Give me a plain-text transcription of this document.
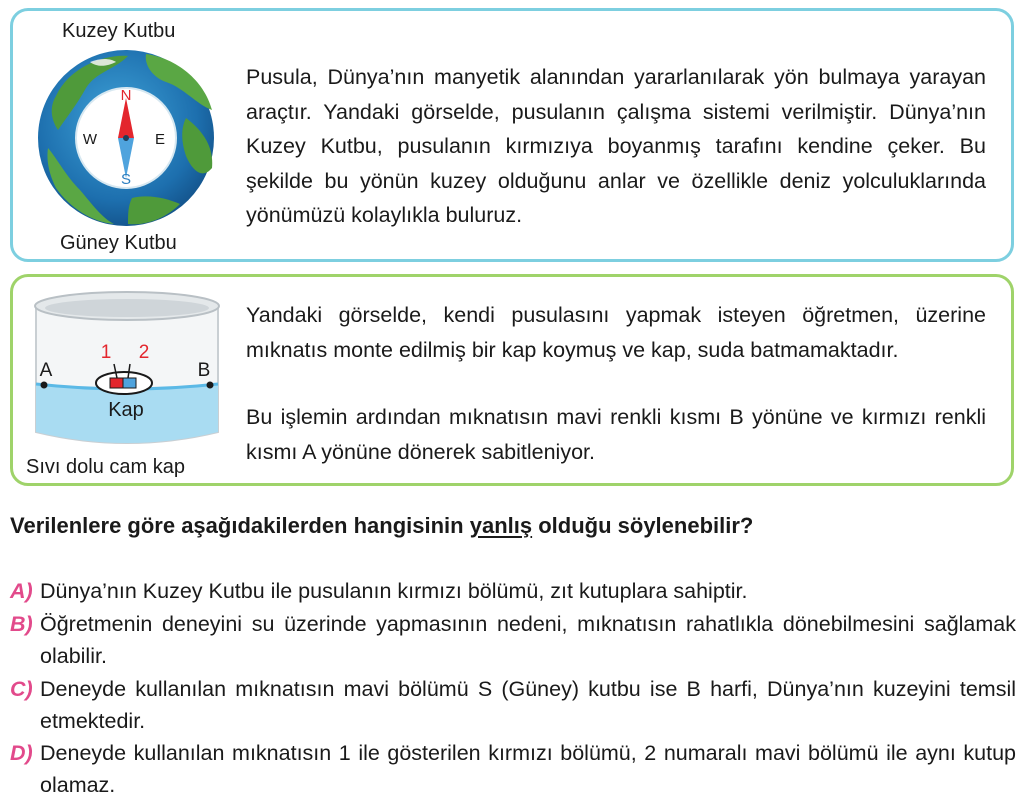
Kuzey Kutbu
N
S
W	E
Güney Kutbu
Pusula, Dünya’nın manyetik alanından yararlanılarak yön bulmaya yarayan araçtır. Yandaki görselde, pusulanın çalışma sistemi verilmiştir. Dünya’nın Kuzey Kutbu, pusulanın kırmızıya boyanmış tarafını kendine çeker. Bu şekilde bu yönün kuzey olduğunu anlar ve özellikle deniz yolculuklarında yönümüzü kolaylıkla buluruz.
1 2
A	B
Kap
Sıvı dolu cam kap
Yandaki görselde, kendi pusulasını yapmak isteyen öğretmen, üzerine mıknatıs monte edilmiş bir kap koymuş ve kap, suda batmamaktadır.
Bu işlemin ardından mıknatısın mavi renkli kısmı B yönüne ve kırmızı renkli kısmı A yönüne dönerek sabitleniyor.
Verilenlere göre aşağıdakilerden hangisinin yanlış olduğu söylenebilir?
A) Dünya’nın Kuzey Kutbu ile pusulanın kırmızı bölümü, zıt kutuplara sahiptir.
B) Öğretmenin deneyini su üzerinde yapmasının nedeni, mıknatısın rahatlıkla dönebilmesini sağlamak olabilir.
C) Deneyde kullanılan mıknatısın mavi bölümü S (Güney) kutbu ise B harfi, Dünya’nın kuzeyini temsil etmektedir.
D) Deneyde kullanılan mıknatısın 1 ile gösterilen kırmızı bölümü, 2 numaralı mavi bölümü ile aynı kutup olamaz.
